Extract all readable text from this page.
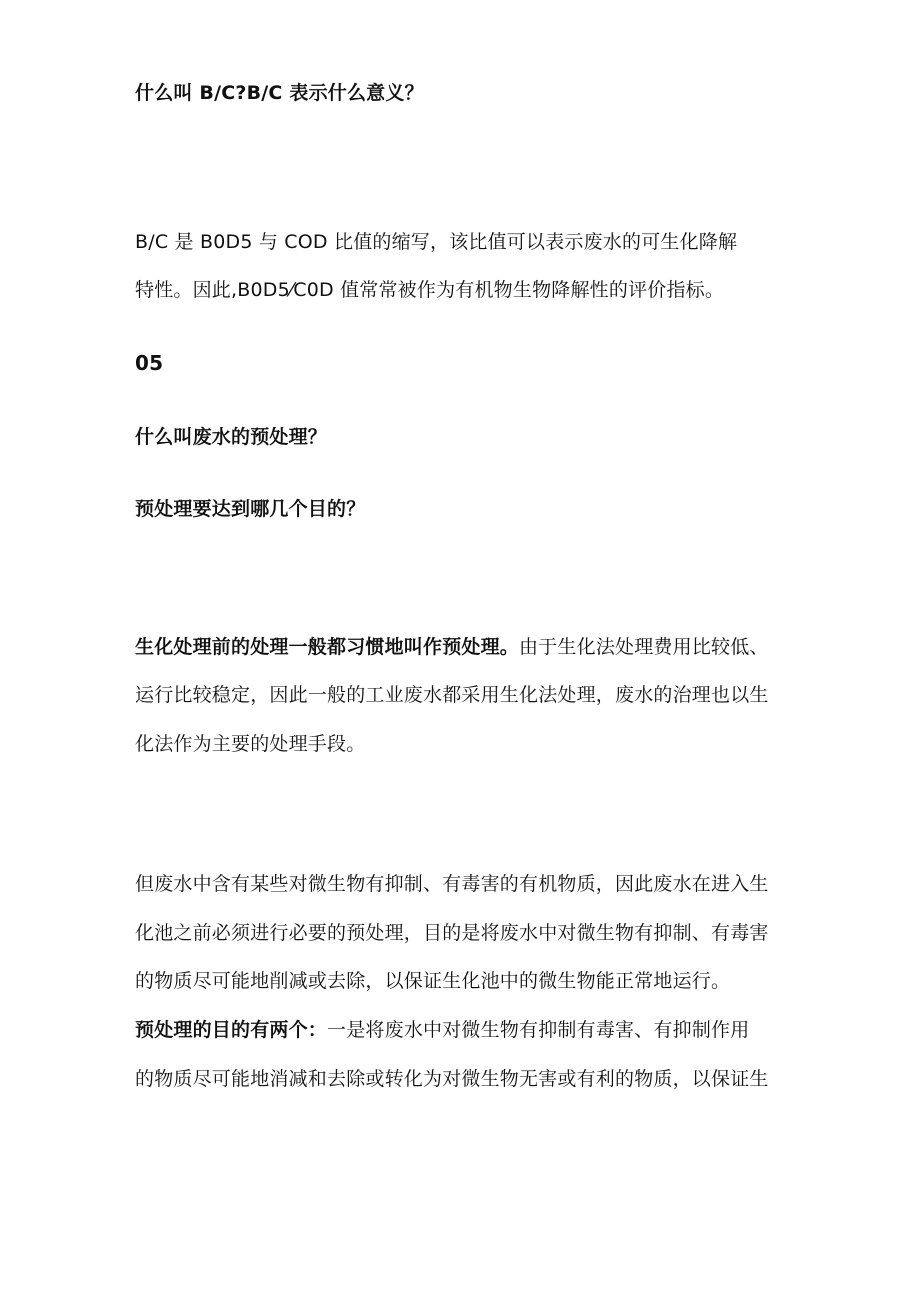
什么叫 B/C?B/C 表示什么意义？
B/C 是 B0D5 与 COD 比值的缩写，该比值可以表示废水的可生化降解
特性。因此,B0D5⁄C0D 值常常被作为有机物生物降解性的评价指标。
05
什么叫废水的预处理？
预处理要达到哪几个目的？
生化处理前的处理一般都习惯地叫作预处理。由于生化法处理费用比较低、
运行比较稳定，因此一般的工业废水都采用生化法处理，废水的治理也以生
化法作为主要的处理手段。
但废水中含有某些对微生物有抑制、有毒害的有机物质，因此废水在进入生
化池之前必须进行必要的预处理，目的是将废水中对微生物有抑制、有毒害
的物质尽可能地削减或去除，以保证生化池中的微生物能正常地运行。
预处理的目的有两个：一是将废水中对微生物有抑制有毒害、有抑制作用
的物质尽可能地消减和去除或转化为对微生物无害或有利的物质，以保证生
